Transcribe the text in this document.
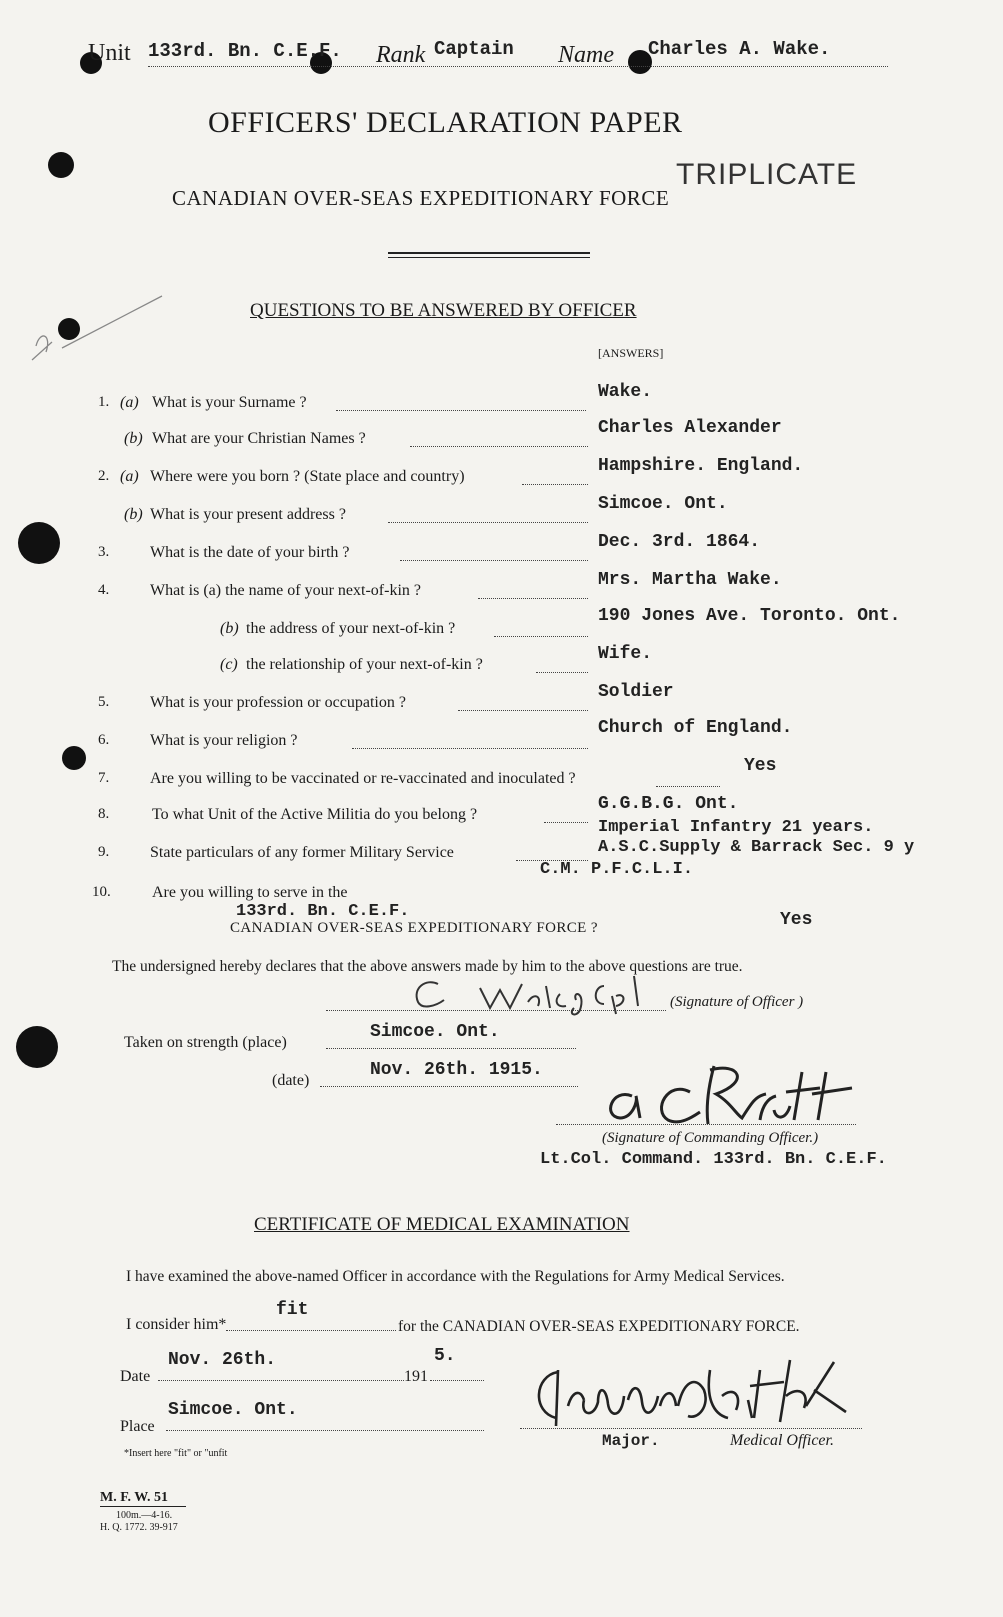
Unit 133rd. Bn. C.E.F. Rank Captain Name Charles A. Wake.
OFFICERS' DECLARATION PAPER
TRIPLICATE
CANADIAN OVER-SEAS EXPEDITIONARY FORCE
QUESTIONS TO BE ANSWERED BY OFFICER
[ANSWERS]
1. (a) What is your Surname ?
Wake.
(b) What are your Christian Names ?
Charles Alexander
2. (a) Where were you born ? (State place and country)
Hampshire. England.
(b) What is your present address ?
Simcoe. Ont.
3.	What is the date of your birth ?
Dec. 3rd. 1864.
4.	What is (a) the name of your next-of-kin ?
Mrs. Martha Wake.
(b) the address of your next-of-kin ?
190 Jones Ave. Toronto. Ont.
(c) the relationship of your next-of-kin ?
Wife.
5.	What is your profession or occupation ?
Soldier
6.	What is your religion ?
Church of England.
7.	Are you willing to be vaccinated or re-vaccinated and inoculated ?
Yes
8.	To what Unit of the Active Militia do you belong ?
G.G.B.G. Ont.
9.	State particulars of any former Military Service
Imperial Infantry 21 years.
A.S.C.Supply & Barrack Sec. 9 y
C.M. P.F.C.L.I.
10.	Are you willing to serve in the
133rd. Bn. C.E.F.
CANADIAN OVER-SEAS EXPEDITIONARY FORCE ?	Yes
The undersigned hereby declares that the above answers made by him to the above questions are true.
(Signature of Officer )
Taken on strength (place)
Simcoe. Ont.
(date)
Nov. 26th. 1915.
(Signature of Commanding Officer.)
Lt.Col. Command. 133rd. Bn. C.E.F.
CERTIFICATE OF MEDICAL EXAMINATION
I have examined the above-named Officer in accordance with the Regulations for Army Medical Services.
I consider him*
fit
for the CANADIAN OVER-SEAS EXPEDITIONARY FORCE.
Date
Nov. 26th.
191
5.
Place
Simcoe. Ont.
Major.	Medical Officer.
*Insert here "fit" or "unfit
M. F. W. 51
100m.—4-16.
H. Q. 1772. 39-917
